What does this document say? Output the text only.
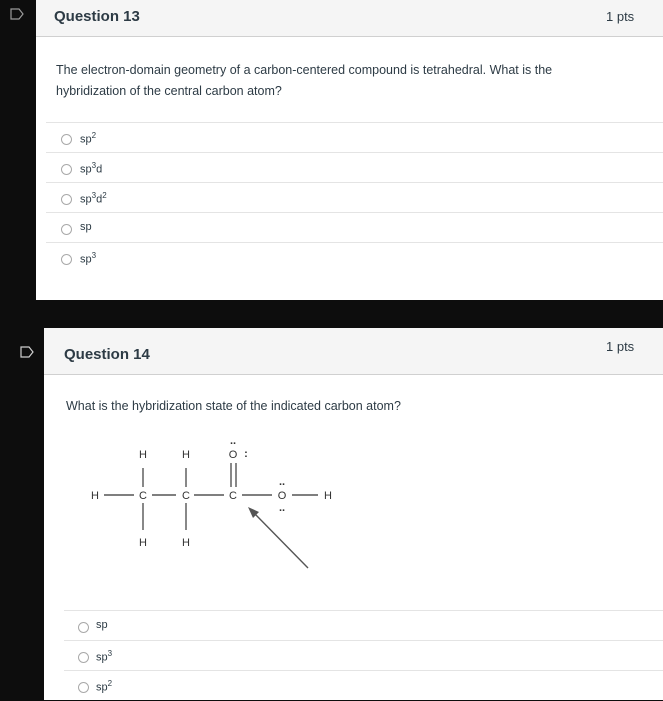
Question 13	1 pts
The electron-domain geometry of a carbon-centered compound is tetrahedral. What is the hybridization of the central carbon atom?
$sp^2$
$sp^3d$
$sp^3d^2$
sp
$sp^3$
Question 14	1 pts
What is the hybridization state of the indicated carbon atom?
H	C	C	C	O	H
H	H	O
H	H
..
:
..
..
sp
$sp^3$
$sp^2$
